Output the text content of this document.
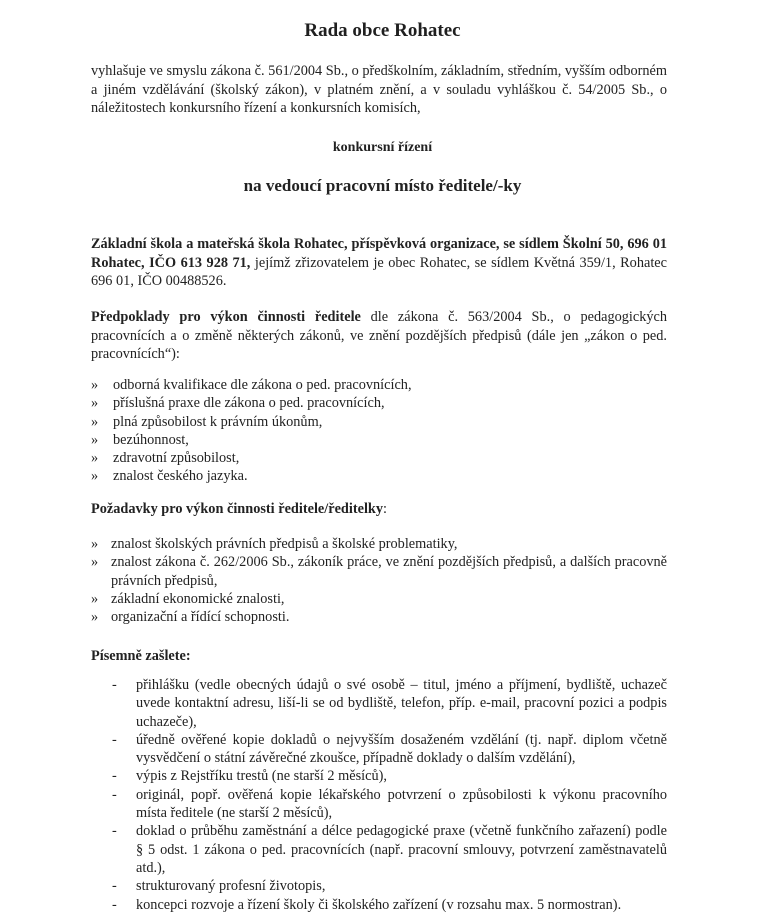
Rada obce Rohatec

vyhlašuje ve smyslu zákona č. 561/2004 Sb., o předškolním, základním, středním, vyšším odborném a jiném vzdělávání (školský zákon), v platném znění, a v souladu vyhláškou č. 54/2005 Sb., o náležitostech konkursního řízení a konkursních komisích,

konkursní řízení

na vedoucí pracovní místo ředitele/-ky

Základní škola a mateřská škola Rohatec, příspěvková organizace, se sídlem Školní 50, 696 01 Rohatec, IČO 613 928 71, jejímž zřizovatelem je obec Rohatec, se sídlem Květná 359/1, Rohatec 696 01, IČO 00488526.

Předpoklady pro výkon činnosti ředitele dle zákona č. 563/2004 Sb., o pedagogických pracovnících a o změně některých zákonů, ve znění pozdějších předpisů (dále jen „zákon o ped. pracovnících“):

» odborná kvalifikace dle zákona o ped. pracovnících,
» příslušná praxe dle zákona o ped. pracovnících,
» plná způsobilost k právním úkonům,
» bezúhonnost,
» zdravotní způsobilost,
» znalost českého jazyka.

Požadavky pro výkon činnosti ředitele/ředitelky:

» znalost školských právních předpisů a školské problematiky,
» znalost zákona č. 262/2006 Sb., zákoník práce, ve znění pozdějších předpisů, a dalších pracovně právních předpisů,
» základní ekonomické znalosti,
» organizační a řídící schopnosti.

Písemně zašlete:

- přihlášku (vedle obecných údajů o své osobě – titul, jméno a příjmení, bydliště, uchazeč uvede kontaktní adresu, liší-li se od bydliště, telefon, příp. e-mail, pracovní pozici a podpis uchazeče),
- úředně ověřené kopie dokladů o nejvyšším dosaženém vzdělání (tj. např. diplom včetně vysvědčení o státní závěrečné zkoušce, případně doklady o dalším vzdělání),
- výpis z Rejstříku trestů (ne starší 2 měsíců),
- originál, popř. ověřená kopie lékařského potvrzení o způsobilosti k výkonu pracovního místa ředitele (ne starší 2 měsíců),
- doklad o průběhu zaměstnání a délce pedagogické praxe (včetně funkčního zařazení) podle § 5 odst. 1 zákona o ped. pracovnících (např. pracovní smlouvy, potvrzení zaměstnavatelů atd.),
- strukturovaný profesní životopis,
- koncepci rozvoje a řízení školy či školského zařízení (v rozsahu max. 5 normostran).
